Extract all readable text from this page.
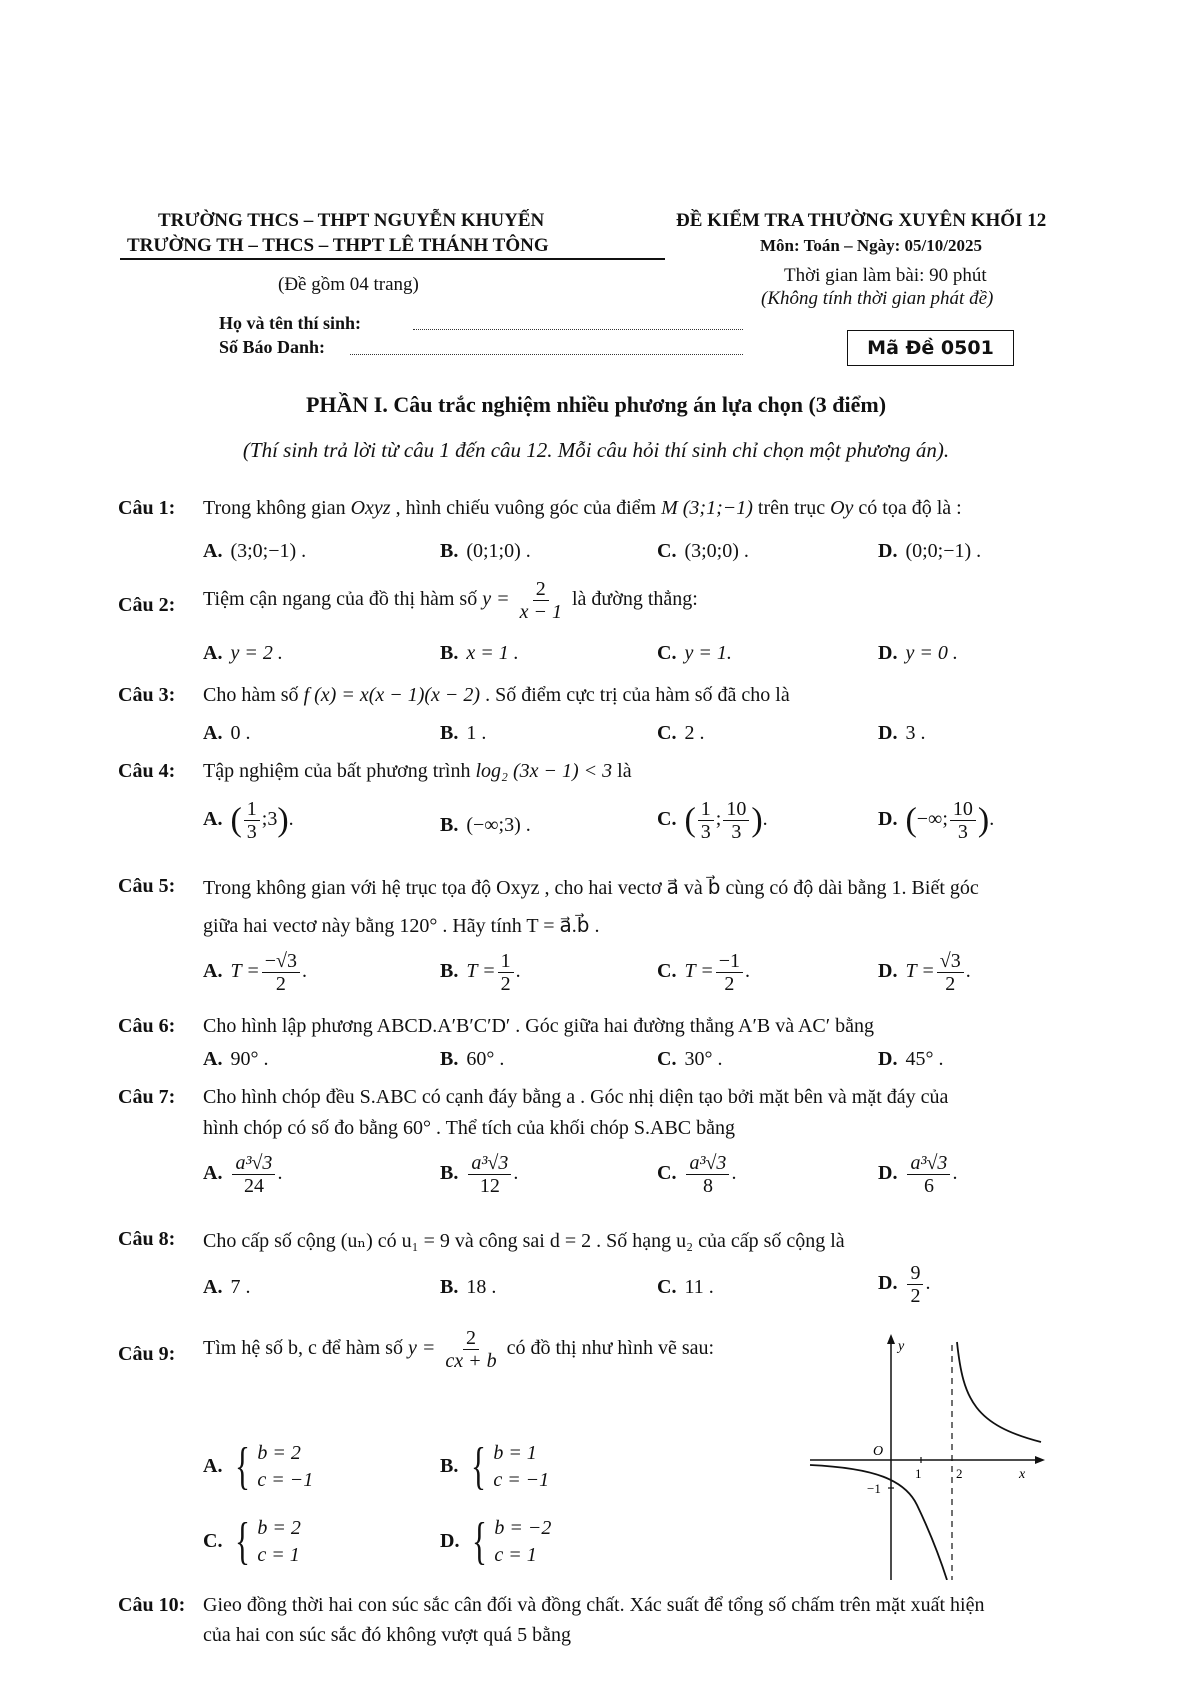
TRƯỜNG THCS – THPT NGUYỄN KHUYẾN
TRƯỜNG TH – THCS – THPT LÊ THÁNH TÔNG
(Đề gồm 04 trang)
ĐỀ KIỂM TRA THƯỜNG XUYÊN KHỐI 12
Môn: Toán – Ngày: 05/10/2025
Thời gian làm bài: 90 phút
(Không tính thời gian phát đề)
Họ và tên thí sinh:
Số Báo Danh:	Mã Đề 0501
PHẦN I. Câu trắc nghiệm nhiều phương án lựa chọn (3 điểm)
(Thí sinh trả lời từ câu 1 đến câu 12. Mỗi câu hỏi thí sinh chỉ chọn một phương án).
Câu 1: Trong không gian Oxyz , hình chiếu vuông góc của điểm M (3;1;−1) trên trục Oy có tọa độ là :
A. (3;0;−1) .	B. (0;1;0) .	C. (3;0;0) .	D. (0;0;−1) .
Câu 2: Tiệm cận ngang của đồ thị hàm số $y = \frac{2}{x - 1}$ là đường thẳng:
A. y = 2 .	B. x = 1 .	C. y = 1.	D. y = 0 .
Câu 3: Cho hàm số f (x) = x(x − 1)(x − 2) . Số điểm cực trị của hàm số đã cho là
A. 0 .	B. 1 .	C. 2 .	D. 3 .
Câu 4: Tập nghiệm của bất phương trình log₂ (3x − 1) < 3 là
A. ( $\frac{1}{3}$ ;3).	B. (−∞;3) .	C. ( $\frac{1}{3}$ ; $\frac{10}{3}$ ).	D. (−∞; $\frac{10}{3}$ ).
Câu 5: Trong không gian với hệ trục tọa độ Oxyz , cho hai vectơ a⃗ và b⃗ cùng có độ dài bằng 1. Biết góc
giữa hai vectơ này bằng 120° . Hãy tính T = a⃗.b⃗ .
A. $T = \frac{-√3}{2}$ .	B. $T = \frac{1}{2}$ .	C. $T = \frac{-1}{2}$ .	D. $T = \frac{√3}{2}$ .
Câu 6: Cho hình lập phương ABCD.A′B′C′D′ . Góc giữa hai đường thẳng A′B và AC′ bằng
A. 90° .	B. 60° .	C. 30° .	D. 45° .
Câu 7: Cho hình chóp đều S.ABC có cạnh đáy bằng a . Góc nhị diện tạo bởi mặt bên và mặt đáy của
hình chóp có số đo bằng 60° . Thể tích của khối chóp S.ABC bằng
A. $\frac{\text{a³√3}}{24}$ .	B. $\frac{\text{a³√3}}{12}$ .	C. $\frac{\text{a³√3}}{8}$ .	D. $\frac{\text{a³√3}}{6}$ .
Câu 8: Cho cấp số cộng (uₙ) có u₁ = 9 và công sai d = 2 . Số hạng u₂ của cấp số cộng là
A. 7 .	B. 18 .	C. 11 .	D. $\frac{9}{2}$ .
Câu 9: Tìm hệ số b, c để hàm số $y = \frac{2}{cx + b}$ có đồ thị như hình vẽ sau:
A. { b = 2
c = −1
B. { b = 1
c = −1
C. { b = 2
c = 1
D. { b = −2
c = 1
y
x
O
1	2
−1
Câu 10: Gieo đồng thời hai con súc sắc cân đối và đồng chất. Xác suất để tổng số chấm trên mặt xuất hiện
của hai con súc sắc đó không vượt quá 5 bằng
